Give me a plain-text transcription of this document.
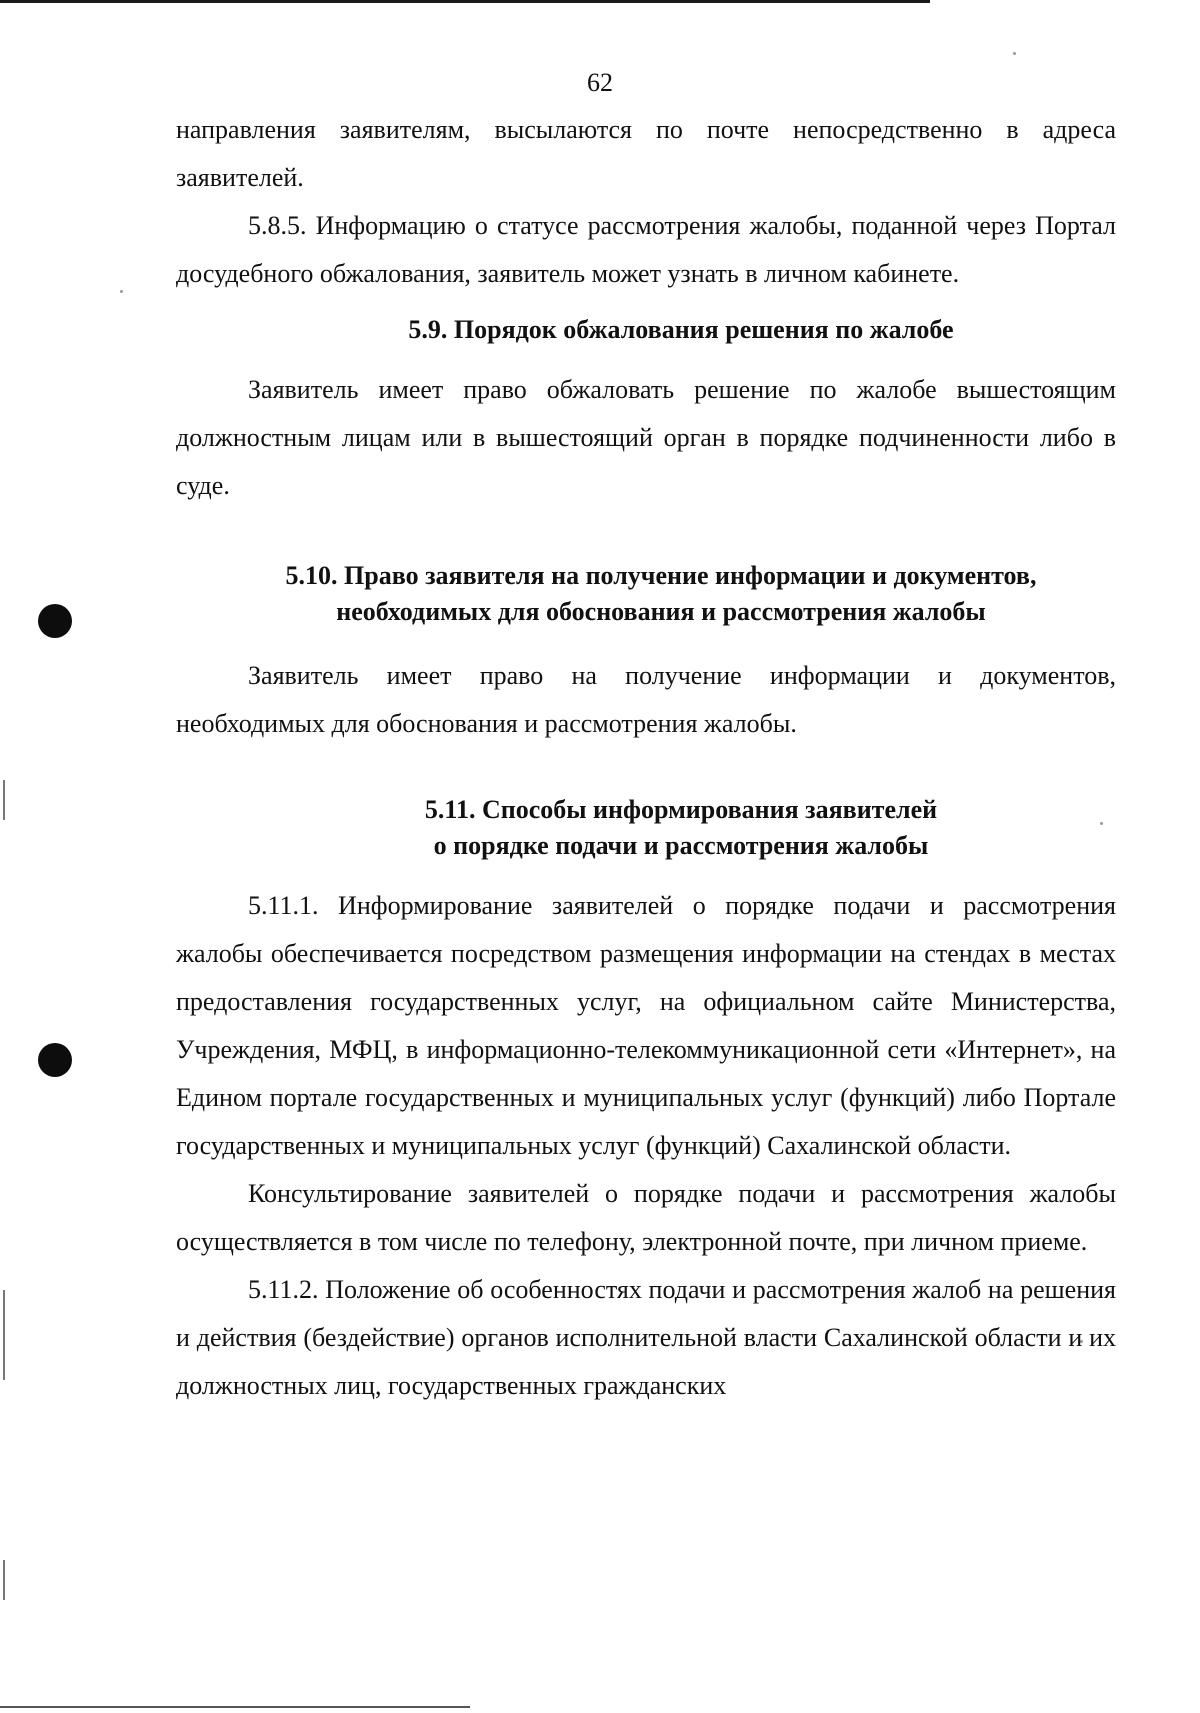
62

направления заявителям, высылаются по почте непосредственно в адреса заявителей.

5.8.5. Информацию о статусе рассмотрения жалобы, поданной через Портал досудебного обжалования, заявитель может узнать в личном кабинете.

5.9. Порядок обжалования решения по жалобе

Заявитель имеет право обжаловать решение по жалобе вышестоящим должностным лицам или в вышестоящий орган в порядке подчиненности либо в суде.

5.10. Право заявителя на получение информации и документов,
необходимых для обоснования и рассмотрения жалобы

Заявитель имеет право на получение информации и документов, необходимых для обоснования и рассмотрения жалобы.

5.11. Способы информирования заявителей
о порядке подачи и рассмотрения жалобы

5.11.1. Информирование заявителей о порядке подачи и рассмотрения жалобы обеспечивается посредством размещения информации на стендах в местах предоставления государственных услуг, на официальном сайте Министерства, Учреждения, МФЦ, в информационно-телекоммуникационной сети «Интернет», на Едином портале государственных и муниципальных услуг (функций) либо Портале государственных и муниципальных услуг (функций) Сахалинской области.

Консультирование заявителей о порядке подачи и рассмотрения жалобы осуществляется в том числе по телефону, электронной почте, при личном приеме.

5.11.2. Положение об особенностях подачи и рассмотрения жалоб на решения и действия (бездействие) органов исполнительной власти Сахалинской области и их должностных лиц, государственных гражданских
